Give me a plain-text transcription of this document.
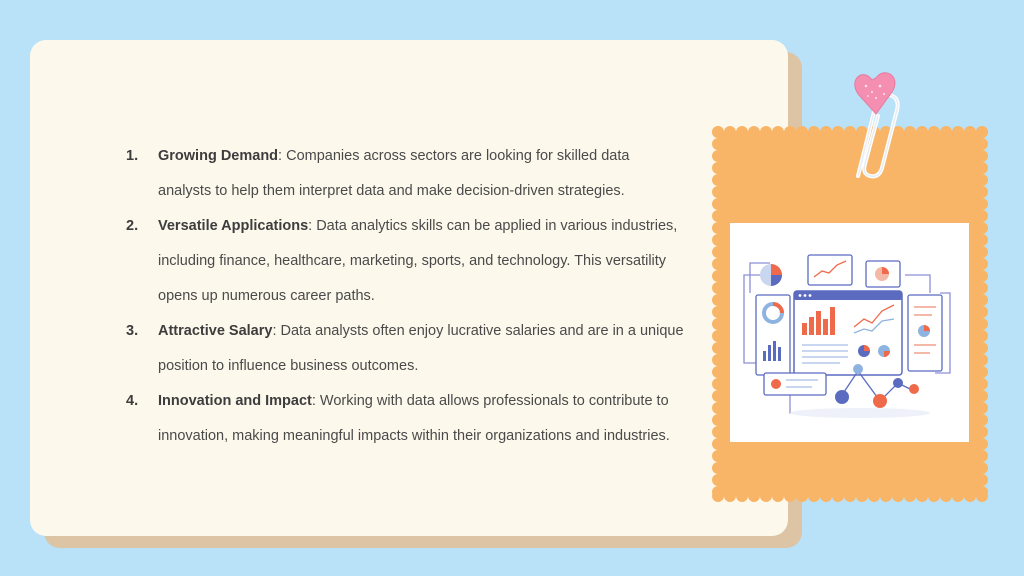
1. Growing Demand: Companies across sectors are looking for skilled data analysts to help them interpret data and make decision-driven strategies.
2. Versatile Applications: Data analytics skills can be applied in various industries, including finance, healthcare, marketing, sports, and technology. This versatility opens up numerous career paths.
3. Attractive Salary: Data analysts often enjoy lucrative salaries and are in a unique position to influence business outcomes.
4. Innovation and Impact: Working with data allows professionals to contribute to innovation, making meaningful impacts within their organizations and industries.
